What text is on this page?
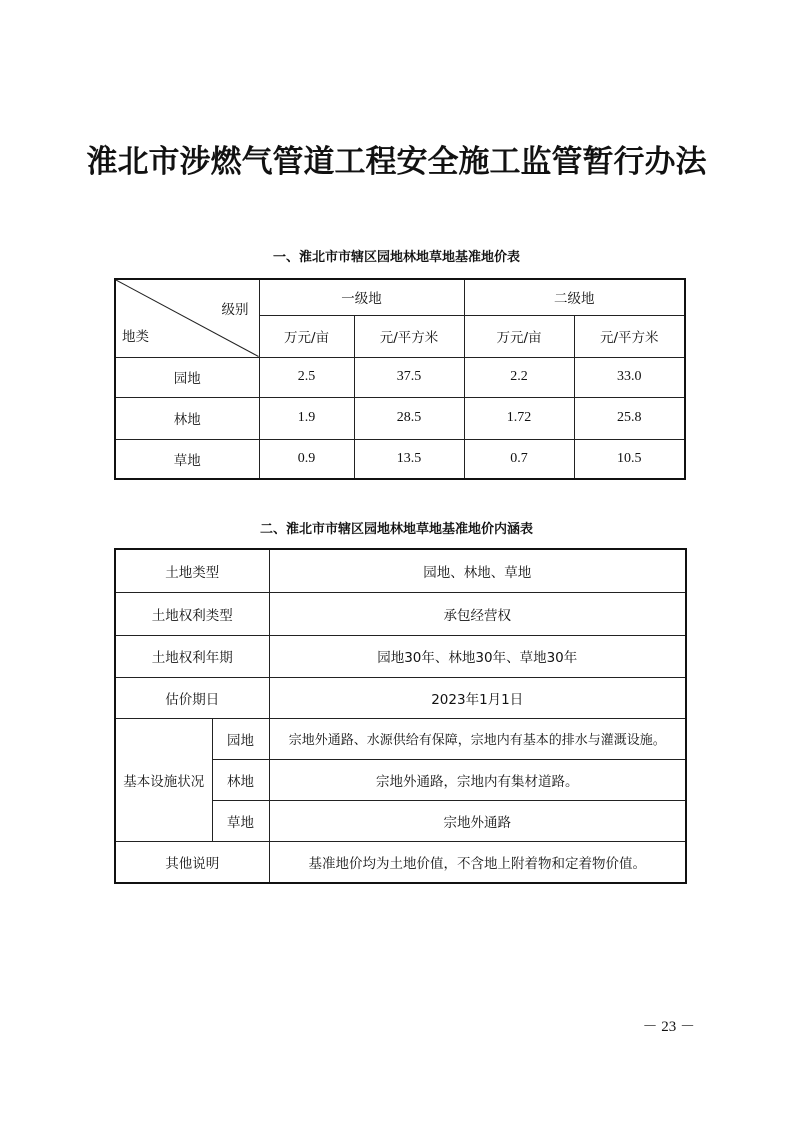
淮北市涉燃气管道工程安全施工监管暂行办法
一、淮北市市辖区园地林地草地基准地价表
级别
地类	一级地		二级地	
	万元/亩	元/平方米	万元/亩	元/平方米
园地	2.5	37.5	2.2	33.0
林地	1.9	28.5	1.72	25.8
草地	0.9	13.5	0.7	10.5
二、淮北市市辖区园地林地草地基准地价内涵表
土地类型		园地、林地、草地
土地权利类型		承包经营权
土地权利年期		园地30年、林地30年、草地30年
估价期日		2023年1月1日
基本设施状况	园地	宗地外通路、水源供给有保障，宗地内有基本的排水与灌溉设施。
	林地	宗地外通路，宗地内有集材道路。
	草地	宗地外通路
其他说明		基准地价均为土地价值，不含地上附着物和定着物价值。
－ 23 －
